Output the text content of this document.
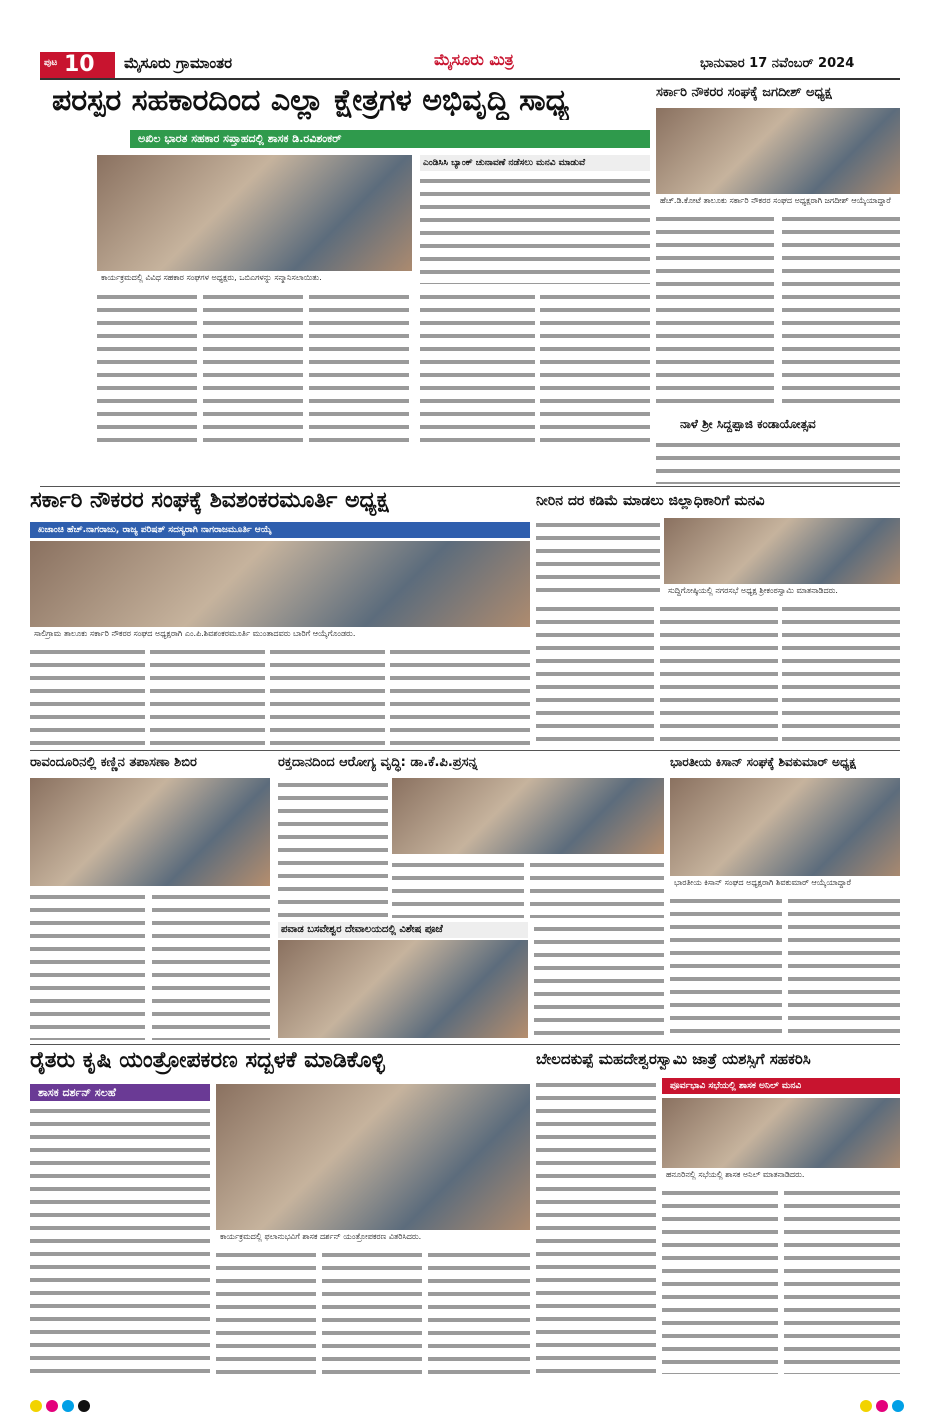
ಪುಟ 10 ಮೈಸೂರು ಗ್ರಾಮಾಂತರ	ಮೈಸೂರು ಮಿತ್ರ	ಭಾನುವಾರ 17 ನವೆಂಬರ್ 2024
ಪರಸ್ಪರ ಸಹಕಾರದಿಂದ ಎಲ್ಲಾ ಕ್ಷೇತ್ರಗಳ ಅಭಿವೃದ್ಧಿ ಸಾಧ್ಯ
ಅಖಿಲ ಭಾರತ ಸಹಕಾರ ಸಪ್ತಾಹದಲ್ಲಿ ಶಾಸಕ ಡಿ.ರವಿಶಂಕರ್
ಕಾರ್ಯಕ್ರಮದಲ್ಲಿ ವಿವಿಧ ಸಹಕಾರ ಸಂಘಗಳ ಅಧ್ಯಕ್ಷರು, ಒಬಿಎಗಳನ್ನು ಸನ್ಮಾನಿಸಲಾಯಿತು.
ಎಂಡಿಸಿಸಿ ಬ್ಯಾಂಕ್ ಚುನಾವಣೆ ನಡೆಸಲು ಮನವಿ ಮಾಡುವೆ
ಸರ್ಕಾರಿ ನೌಕರರ ಸಂಘಕ್ಕೆ ಜಗದೀಶ್ ಅಧ್ಯಕ್ಷ
ಹೆಚ್.ಡಿ.ಕೋಟೆ ತಾಲೂಕು ಸರ್ಕಾರಿ ನೌಕರರ ಸಂಘದ ಅಧ್ಯಕ್ಷರಾಗಿ ಜಗದೀಶ್ ಆಯ್ಕೆಯಾದ್ದಾರೆ
ನಾಳೆ ಶ್ರೀ ಸಿದ್ದಪ್ಪಾಜಿ ಕಂಡಾಯೋತ್ಸವ
ಸರ್ಕಾರಿ ನೌಕರರ ಸಂಘಕ್ಕೆ ಶಿವಶಂಕರಮೂರ್ತಿ ಅಧ್ಯಕ್ಷ
ಖಜಾಂಚಿ ಹೆಚ್.ನಾಗರಾಜು, ರಾಜ್ಯ ಪರಿಷತ್ ಸದಸ್ಯರಾಗಿ ನಾಗರಾಜಮೂರ್ತಿ ಆಯ್ಕೆ
ಸಾಲಿಗ್ರಾಮ ತಾಲೂಕು ಸರ್ಕಾರಿ ನೌಕರರ ಸಂಘದ ಅಧ್ಯಕ್ಷರಾಗಿ ಎಂ.ಪಿ.ಶಿವಶಂಕರಮೂರ್ತಿ ಮುಂತಾದವರು ಬಾರಿಗೆ ಆಯ್ಕೆಗೊಂಡರು.
ನೀರಿನ ದರ ಕಡಿಮೆ ಮಾಡಲು ಜಿಲ್ಲಾಧಿಕಾರಿಗೆ ಮನವಿ
ಸುದ್ದಿಗೋಷ್ಠಿಯಲ್ಲಿ ನಗರಸಭೆ ಅಧ್ಯಕ್ಷ ಶ್ರೀಕಂಠಸ್ವಾಮಿ ಮಾತನಾಡಿದರು.
ರಾವಂದೂರಿನಲ್ಲಿ ಕಣ್ಣಿನ ತಪಾಸಣಾ ಶಿಬಿರ	ರಕ್ತದಾನದಿಂದ ಆರೋಗ್ಯ ವೃದ್ಧಿ: ಡಾ.ಕೆ.ಪಿ.ಪ್ರಸನ್ನ
ಪವಾಡ ಬಸವೇಶ್ವರ ದೇವಾಲಯದಲ್ಲಿ ವಿಶೇಷ ಪೂಜೆ
ಭಾರತೀಯ ಕಿಸಾನ್ ಸಂಘಕ್ಕೆ ಶಿವಕುಮಾರ್ ಅಧ್ಯಕ್ಷ
ಭಾರತೀಯ ಕಿಸಾನ್ ಸಂಘದ ಅಧ್ಯಕ್ಷರಾಗಿ ಶಿವಕುಮಾರ್ ಆಯ್ಕೆಯಾದ್ದಾರೆ
ರೈತರು ಕೃಷಿ ಯಂತ್ರೋಪಕರಣ ಸದ್ಬಳಕೆ ಮಾಡಿಕೊಳ್ಳಿ
ಶಾಸಕ ದರ್ಶನ್ ಸಲಹೆ
ಕಾರ್ಯಕ್ರಮದಲ್ಲಿ ಫಲಾನುಭವಿಗೆ ಶಾಸಕ ದರ್ಶನ್ ಯಂತ್ರೋಪಕರಣ ವಿತರಿಸಿದರು.
ಬೇಲದಕುಪ್ಪೆ ಮಹದೇಶ್ವರಸ್ವಾಮಿ ಜಾತ್ರೆ ಯಶಸ್ಸಿಗೆ ಸಹಕರಿಸಿ
ಪೂರ್ವಭಾವಿ ಸಭೆಯಲ್ಲಿ ಶಾಸಕ ಅನಿಲ್ ಮನವಿ
ಹನೂರಿನಲ್ಲಿ ಸಭೆಯಲ್ಲಿ ಶಾಸಕ ಅನಿಲ್ ಮಾತನಾಡಿದರು.
